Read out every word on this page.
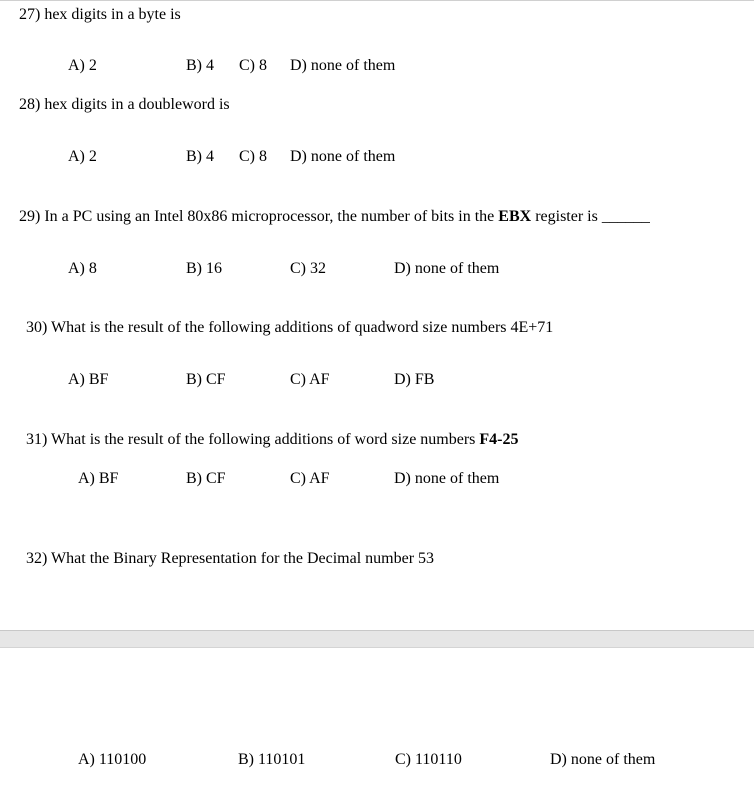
27) hex digits in a byte is
A) 2	B) 4 C) 8 D) none of them
28) hex digits in a doubleword is
A) 2	B) 4 C) 8 D) none of them
29) In a PC using an Intel 80x86 microprocessor, the number of bits in the EBX register is ______
A) 8	B) 16	C) 32	D) none of them
30) What is the result of the following additions of quadword size numbers 4E+71
A) BF	B) CF	C) AF	D) FB
31) What is the result of the following additions of word size numbers F4-25
A) BF	B) CF	C) AF	D) none of them
32) What the Binary Representation for the Decimal number 53
A) 110100	B) 110101	C) 110110	D) none of them
